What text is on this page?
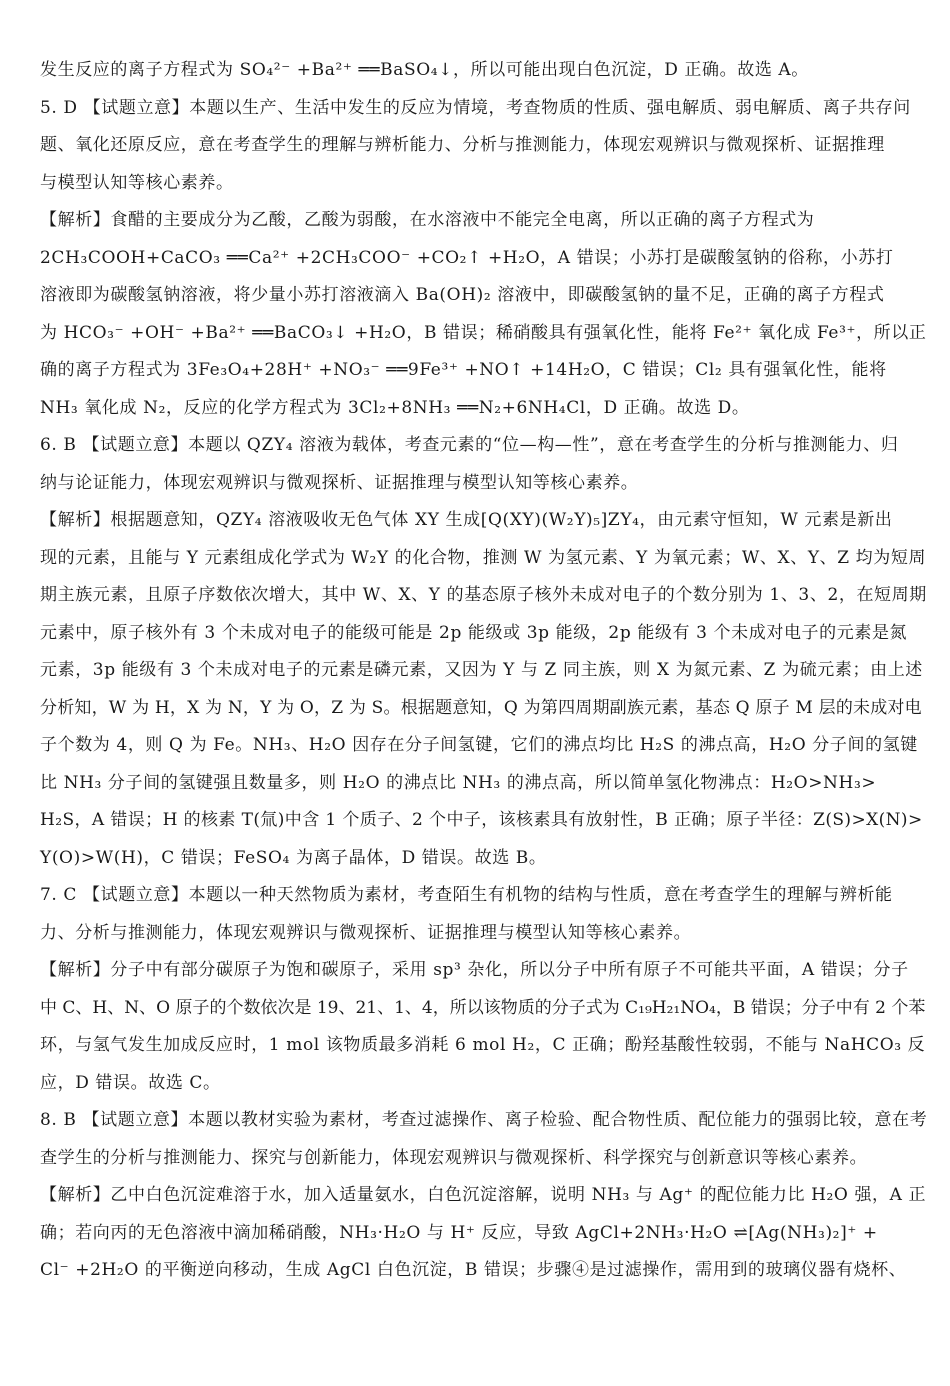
发生反应的离子方程式为 SO₄²⁻ +Ba²⁺ ══BaSO₄↓，所以可能出现白色沉淀，D 正确。故选 A。

5. D 【试题立意】本题以生产、生活中发生的反应为情境，考查物质的性质、强电解质、弱电解质、离子共存问

题、氧化还原反应，意在考查学生的理解与辨析能力、分析与推测能力，体现宏观辨识与微观探析、证据推理

与模型认知等核心素养。

【解析】食醋的主要成分为乙酸，乙酸为弱酸，在水溶液中不能完全电离，所以正确的离子方程式为

2CH₃COOH+CaCO₃ ══Ca²⁺ +2CH₃COO⁻ +CO₂↑ +H₂O，A 错误；小苏打是碳酸氢钠的俗称，小苏打

溶液即为碳酸氢钠溶液，将少量小苏打溶液滴入 Ba(OH)₂ 溶液中，即碳酸氢钠的量不足，正确的离子方程式

为 HCO₃⁻ +OH⁻ +Ba²⁺ ══BaCO₃↓ +H₂O，B 错误；稀硝酸具有强氧化性，能将 Fe²⁺ 氧化成 Fe³⁺，所以正

确的离子方程式为 3Fe₃O₄+28H⁺ +NO₃⁻ ══9Fe³⁺ +NO↑ +14H₂O，C 错误；Cl₂ 具有强氧化性，能将

NH₃ 氧化成 N₂，反应的化学方程式为 3Cl₂+8NH₃ ══N₂+6NH₄Cl，D 正确。故选 D。

6. B 【试题立意】本题以 QZY₄ 溶液为载体，考查元素的“位—构—性”，意在考查学生的分析与推测能力、归

纳与论证能力，体现宏观辨识与微观探析、证据推理与模型认知等核心素养。

【解析】根据题意知，QZY₄ 溶液吸收无色气体 XY 生成[Q(XY)(W₂Y)₅]ZY₄，由元素守恒知，W 元素是新出

现的元素，且能与 Y 元素组成化学式为 W₂Y 的化合物，推测 W 为氢元素、Y 为氧元素；W、X、Y、Z 均为短周

期主族元素，且原子序数依次增大，其中 W、X、Y 的基态原子核外未成对电子的个数分别为 1、3、2，在短周期

元素中，原子核外有 3 个未成对电子的能级可能是 2p 能级或 3p 能级，2p 能级有 3 个未成对电子的元素是氮

元素，3p 能级有 3 个未成对电子的元素是磷元素，又因为 Y 与 Z 同主族，则 X 为氮元素、Z 为硫元素；由上述

分析知，W 为 H，X 为 N，Y 为 O，Z 为 S。根据题意知，Q 为第四周期副族元素，基态 Q 原子 M 层的未成对电

子个数为 4，则 Q 为 Fe。NH₃、H₂O 因存在分子间氢键，它们的沸点均比 H₂S 的沸点高，H₂O 分子间的氢键

比 NH₃ 分子间的氢键强且数量多，则 H₂O 的沸点比 NH₃ 的沸点高，所以简单氢化物沸点：H₂O>NH₃>

H₂S，A 错误；H 的核素 T(氚)中含 1 个质子、2 个中子，该核素具有放射性，B 正确；原子半径：Z(S)>X(N)>

Y(O)>W(H)，C 错误；FeSO₄ 为离子晶体，D 错误。故选 B。

7. C 【试题立意】本题以一种天然物质为素材，考查陌生有机物的结构与性质，意在考查学生的理解与辨析能

力、分析与推测能力，体现宏观辨识与微观探析、证据推理与模型认知等核心素养。

【解析】分子中有部分碳原子为饱和碳原子，采用 sp³ 杂化，所以分子中所有原子不可能共平面，A 错误；分子

中 C、H、N、O 原子的个数依次是 19、21、1、4，所以该物质的分子式为 C₁₉H₂₁NO₄，B 错误；分子中有 2 个苯

环，与氢气发生加成反应时，1 mol 该物质最多消耗 6 mol H₂，C 正确；酚羟基酸性较弱，不能与 NaHCO₃ 反

应，D 错误。故选 C。

8. B 【试题立意】本题以教材实验为素材，考查过滤操作、离子检验、配合物性质、配位能力的强弱比较，意在考

查学生的分析与推测能力、探究与创新能力，体现宏观辨识与微观探析、科学探究与创新意识等核心素养。

【解析】乙中白色沉淀难溶于水，加入适量氨水，白色沉淀溶解，说明 NH₃ 与 Ag⁺ 的配位能力比 H₂O 强，A 正

确；若向丙的无色溶液中滴加稀硝酸，NH₃·H₂O 与 H⁺ 反应，导致 AgCl+2NH₃·H₂O ⇌[Ag(NH₃)₂]⁺ +

Cl⁻ +2H₂O 的平衡逆向移动，生成 AgCl 白色沉淀，B 错误；步骤④是过滤操作，需用到的玻璃仪器有烧杯、
